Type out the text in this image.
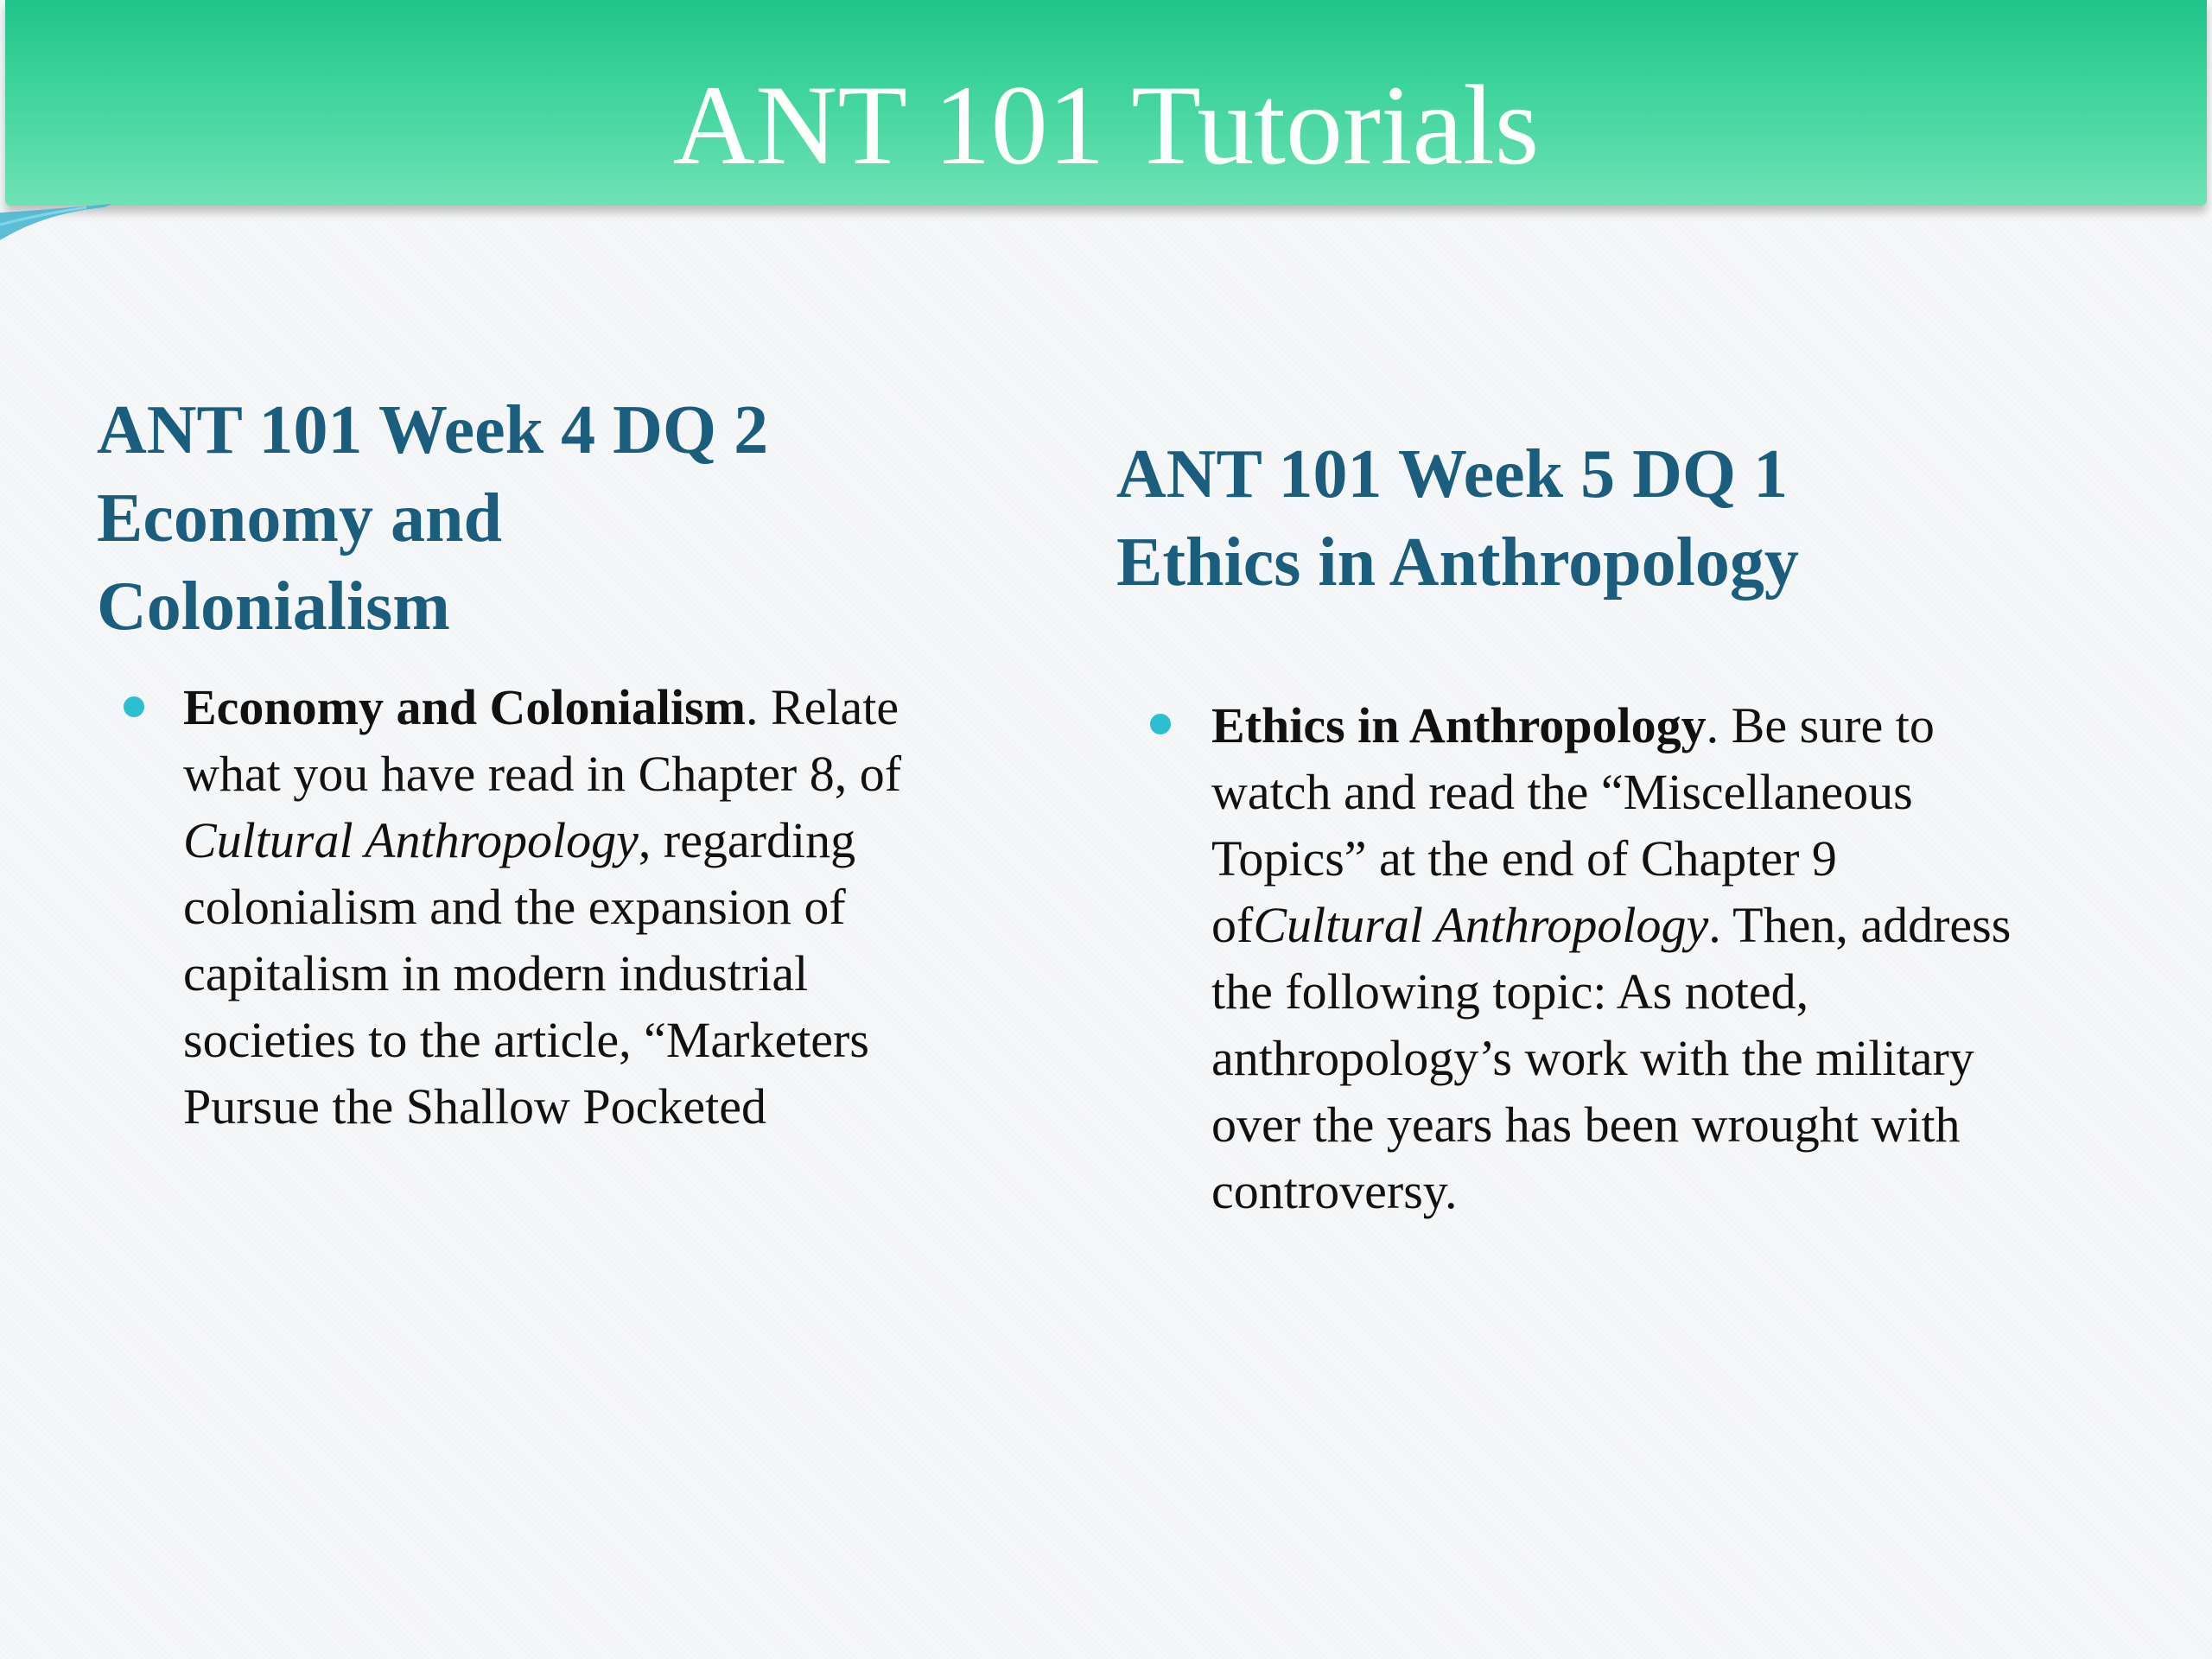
ANT 101 Tutorials
ANT 101 Week 4 DQ 2
Economy and
Colonialism
Economy and Colonialism. Relate what you have read in Chapter 8, of Cultural Anthropology, regarding colonialism and the expansion of capitalism in modern industrial societies to the article, “Marketers Pursue the Shallow Pocketed
ANT 101 Week 5 DQ 1
Ethics in Anthropology
Ethics in Anthropology. Be sure to watch and read the “Miscellaneous Topics” at the end of Chapter 9 ofCultural Anthropology. Then, address the following topic: As noted, anthropology’s work with the military over the years has been wrought with controversy.
